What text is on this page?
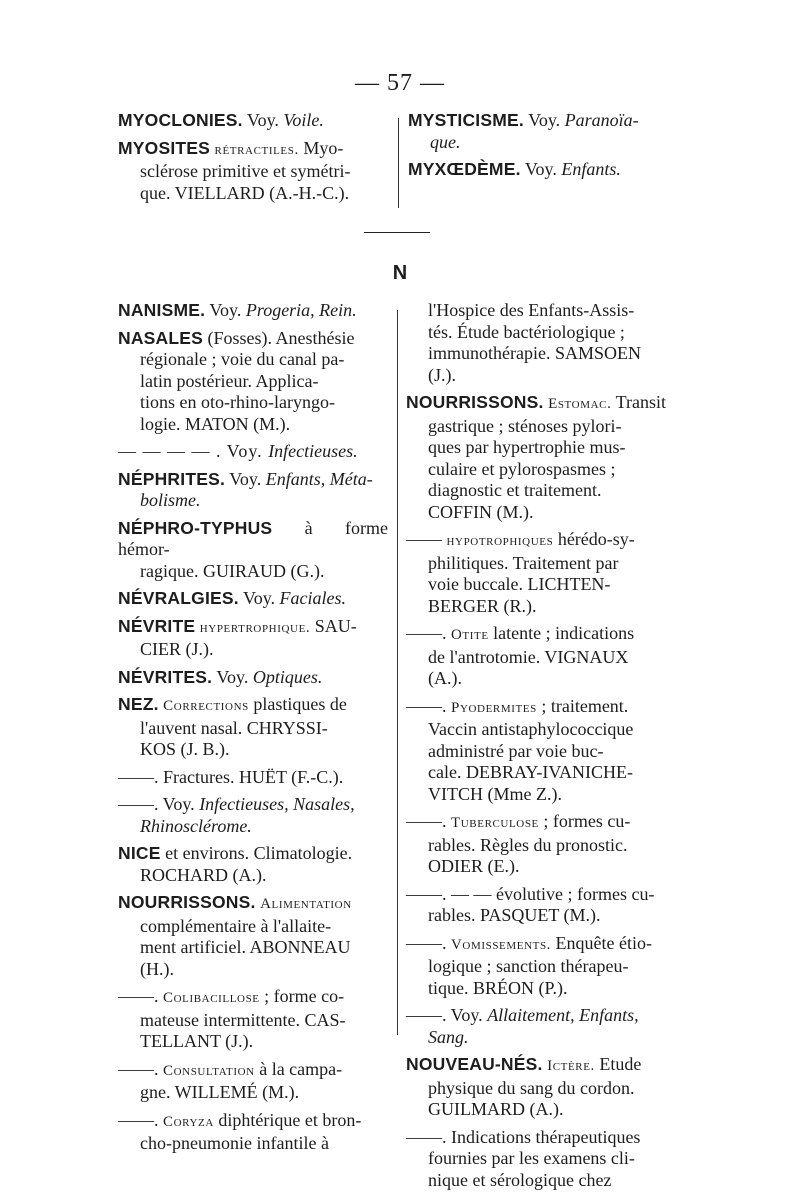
— 57 —
MYOCLONIES. Voy. Voile.
MYOSITES rétractiles. Myo-
sclérose primitive et symétri-
que. VIELLARD (A.-H.-C.).
MYSTICISME. Voy. Paranoïa-
que.
MYXŒDÈME. Voy. Enfants.
N
NANISME. Voy. Progeria, Rein.
NASALES (Fosses). Anesthésie
régionale ; voie du canal pa-
latin postérieur. Applica-
tions en oto-rhino-laryngo-
logie. MATON (M.).
— — — — . Voy. Infectieuses.
NÉPHRITES. Voy. Enfants, Méta-
bolisme.
NÉPHRO-TYPHUS à forme hémor-
ragique. GUIRAUD (G.).
NÉVRALGIES. Voy. Faciales.
NÉVRITE hypertrophique. SAU-
CIER (J.).
NÉVRITES. Voy. Optiques.
NEZ. Corrections plastiques de
l'auvent nasal. CHRYSSI-
KOS (J. B.).
——. Fractures. HUËT (F.-C.).
——. Voy. Infectieuses, Nasales,
Rhinosclérome.
NICE et environs. Climatologie.
ROCHARD (A.).
NOURRISSONS. Alimentation
complémentaire à l'allaite-
ment artificiel. ABONNEAU
(H.).
——. Colibacillose ; forme co-
mateuse intermittente. CAS-
TELLANT (J.).
——. Consultation à la campa-
gne. WILLEMÉ (M.).
——. Coryza diphtérique et bron-
cho-pneumonie infantile à
l'Hospice des Enfants-Assis-
tés. Étude bactériologique ;
immunothérapie. SAMSOEN
(J.).
NOURRISSONS. Estomac. Transit
gastrique ; sténoses pylori-
ques par hypertrophie mus-
culaire et pylorospasmes ;
diagnostic et traitement.
COFFIN (M.).
—— hypotrophiques hérédo-sy-
philitiques. Traitement par
voie buccale. LICHTEN-
BERGER (R.).
——. Otite latente ; indications
de l'antrotomie. VIGNAUX
(A.).
——. Pyodermites ; traitement.
Vaccin antistaphylococcique
administré par voie buc-
cale. DEBRAY-IVANICHE-
VITCH (Mme Z.).
——. Tuberculose ; formes cu-
rables. Règles du pronostic.
ODIER (E.).
——. — — évolutive ; formes cu-
rables. PASQUET (M.).
——. Vomissements. Enquête étio-
logique ; sanction thérapeu-
tique. BRÉON (P.).
——. Voy. Allaitement, Enfants,
Sang.
NOUVEAU-NÉS. Ictère. Etude
physique du sang du cordon.
GUILMARD (A.).
——. Indications thérapeutiques
fournies par les examens cli-
nique et sérologique chez
